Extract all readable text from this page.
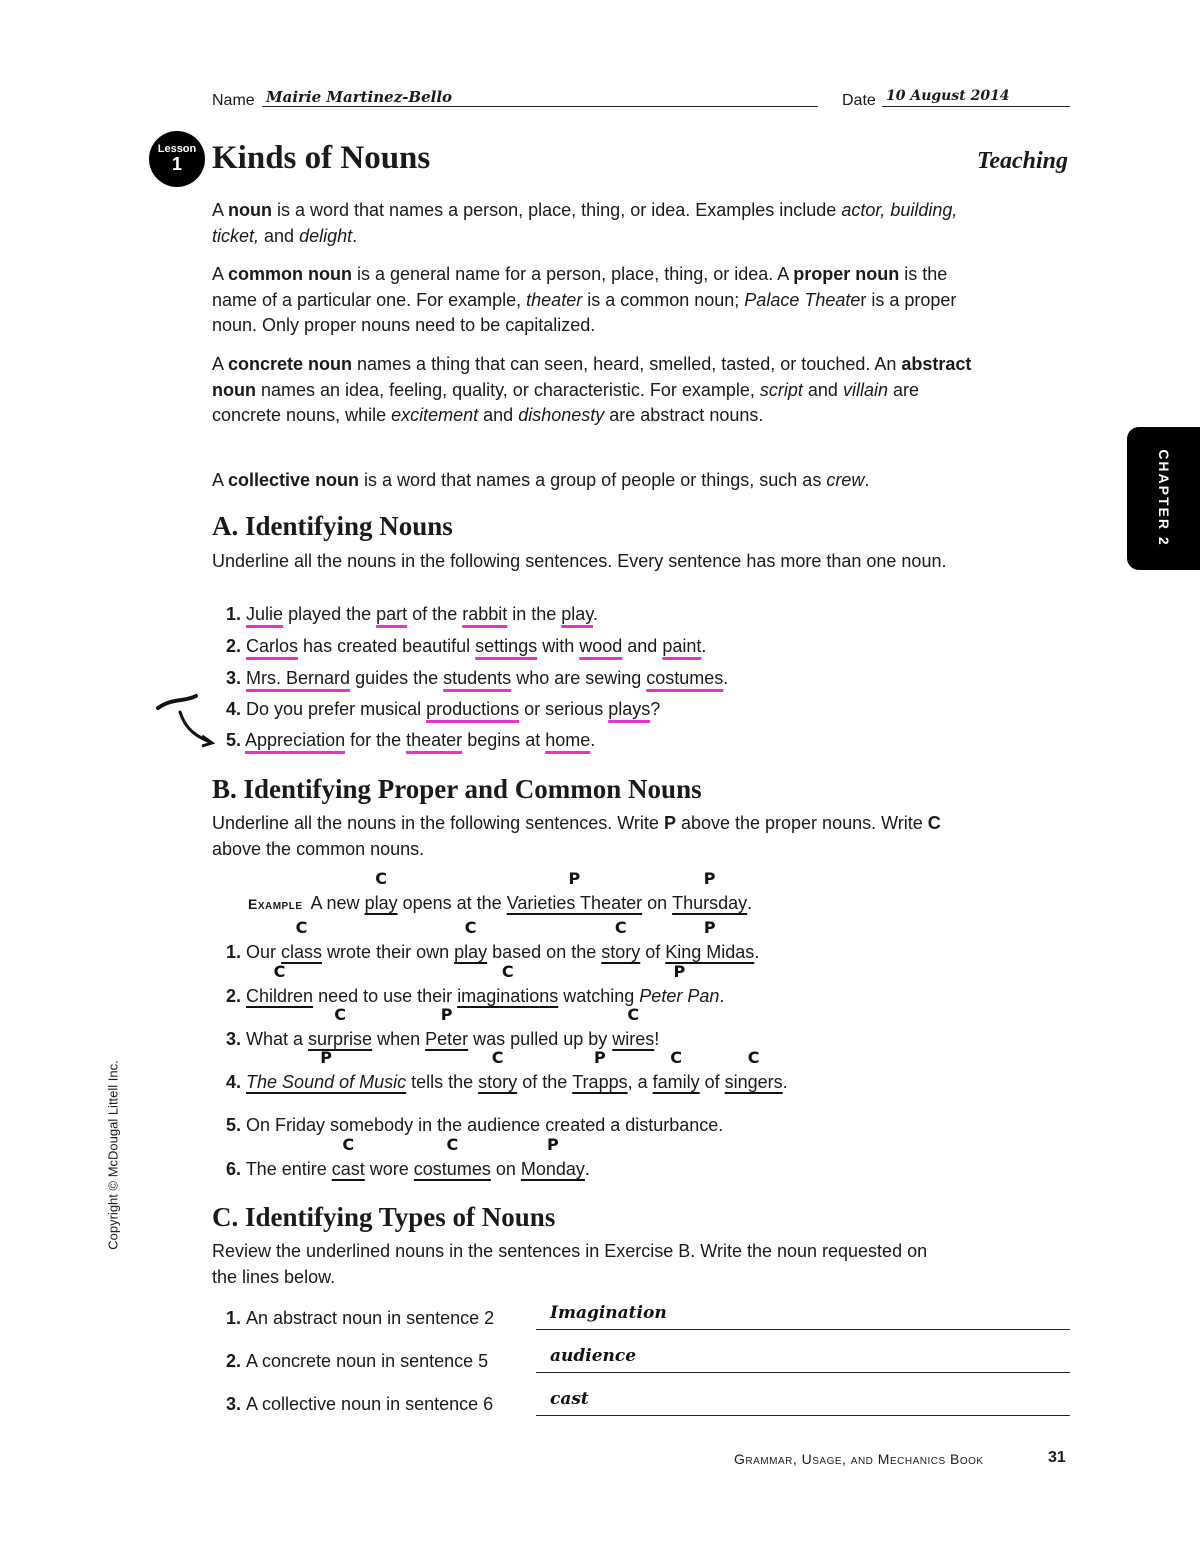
Name Mairie Martinez-Bello	Date 10 August 2014
Lesson
1 Kinds of Nouns	Teaching
CHAPTER 2
Copyright © McDougal Littell Inc.
A noun is a word that names a person, place, thing, or idea. Examples include actor, building, ticket, and delight.
A common noun is a general name for a person, place, thing, or idea. A proper noun is the name of a particular one. For example, theater is a common noun; Palace Theater is a proper noun. Only proper nouns need to be capitalized.
A concrete noun names a thing that can seen, heard, smelled, tasted, or touched. An abstract noun names an idea, feeling, quality, or characteristic. For example, script and villain are concrete nouns, while excitement and dishonesty are abstract nouns.
A collective noun is a word that names a group of people or things, such as crew.
A. Identifying Nouns
Underline all the nouns in the following sentences. Every sentence has more than one noun.
1. Julie played the part of the rabbit in the play.
2. Carlos has created beautiful settings with wood and paint.
3. Mrs. Bernard guides the students who are sewing costumes.
4. Do you prefer musical productions or serious plays?
5. Appreciation for the theater begins at home.
B. Identifying Proper and Common Nouns
Underline all the nouns in the following sentences. Write P above the proper nouns. Write C above the common nouns.
Example A new play
C
opens at the Varieties Theater
P
on Thursday
P
.
1. Our class
C
wrote their own play
C
based on the story
C
of King Midas
P
.
2. Children
C
need to use their imaginations
C
watching Peter Pan
P
.
3. What a surprise
C
when Peter
P
was pulled up by wires
C
!
4. The Sound of Music
P
tells the story
C
of the Trapps
P
, a family
C
of singers
C
.
5. On Friday somebody in the audience created a disturbance.
6. The entire cast
C
wore costumes
C
on Monday
P
.
C. Identifying Types of Nouns
Review the underlined nouns in the sentences in Exercise B. Write the noun requested on the lines below.
1. An abstract noun in sentence 2	Imagination
2. A concrete noun in sentence 5	audience
3. A collective noun in sentence 6	cast
Grammar, Usage, and Mechanics Book	31
